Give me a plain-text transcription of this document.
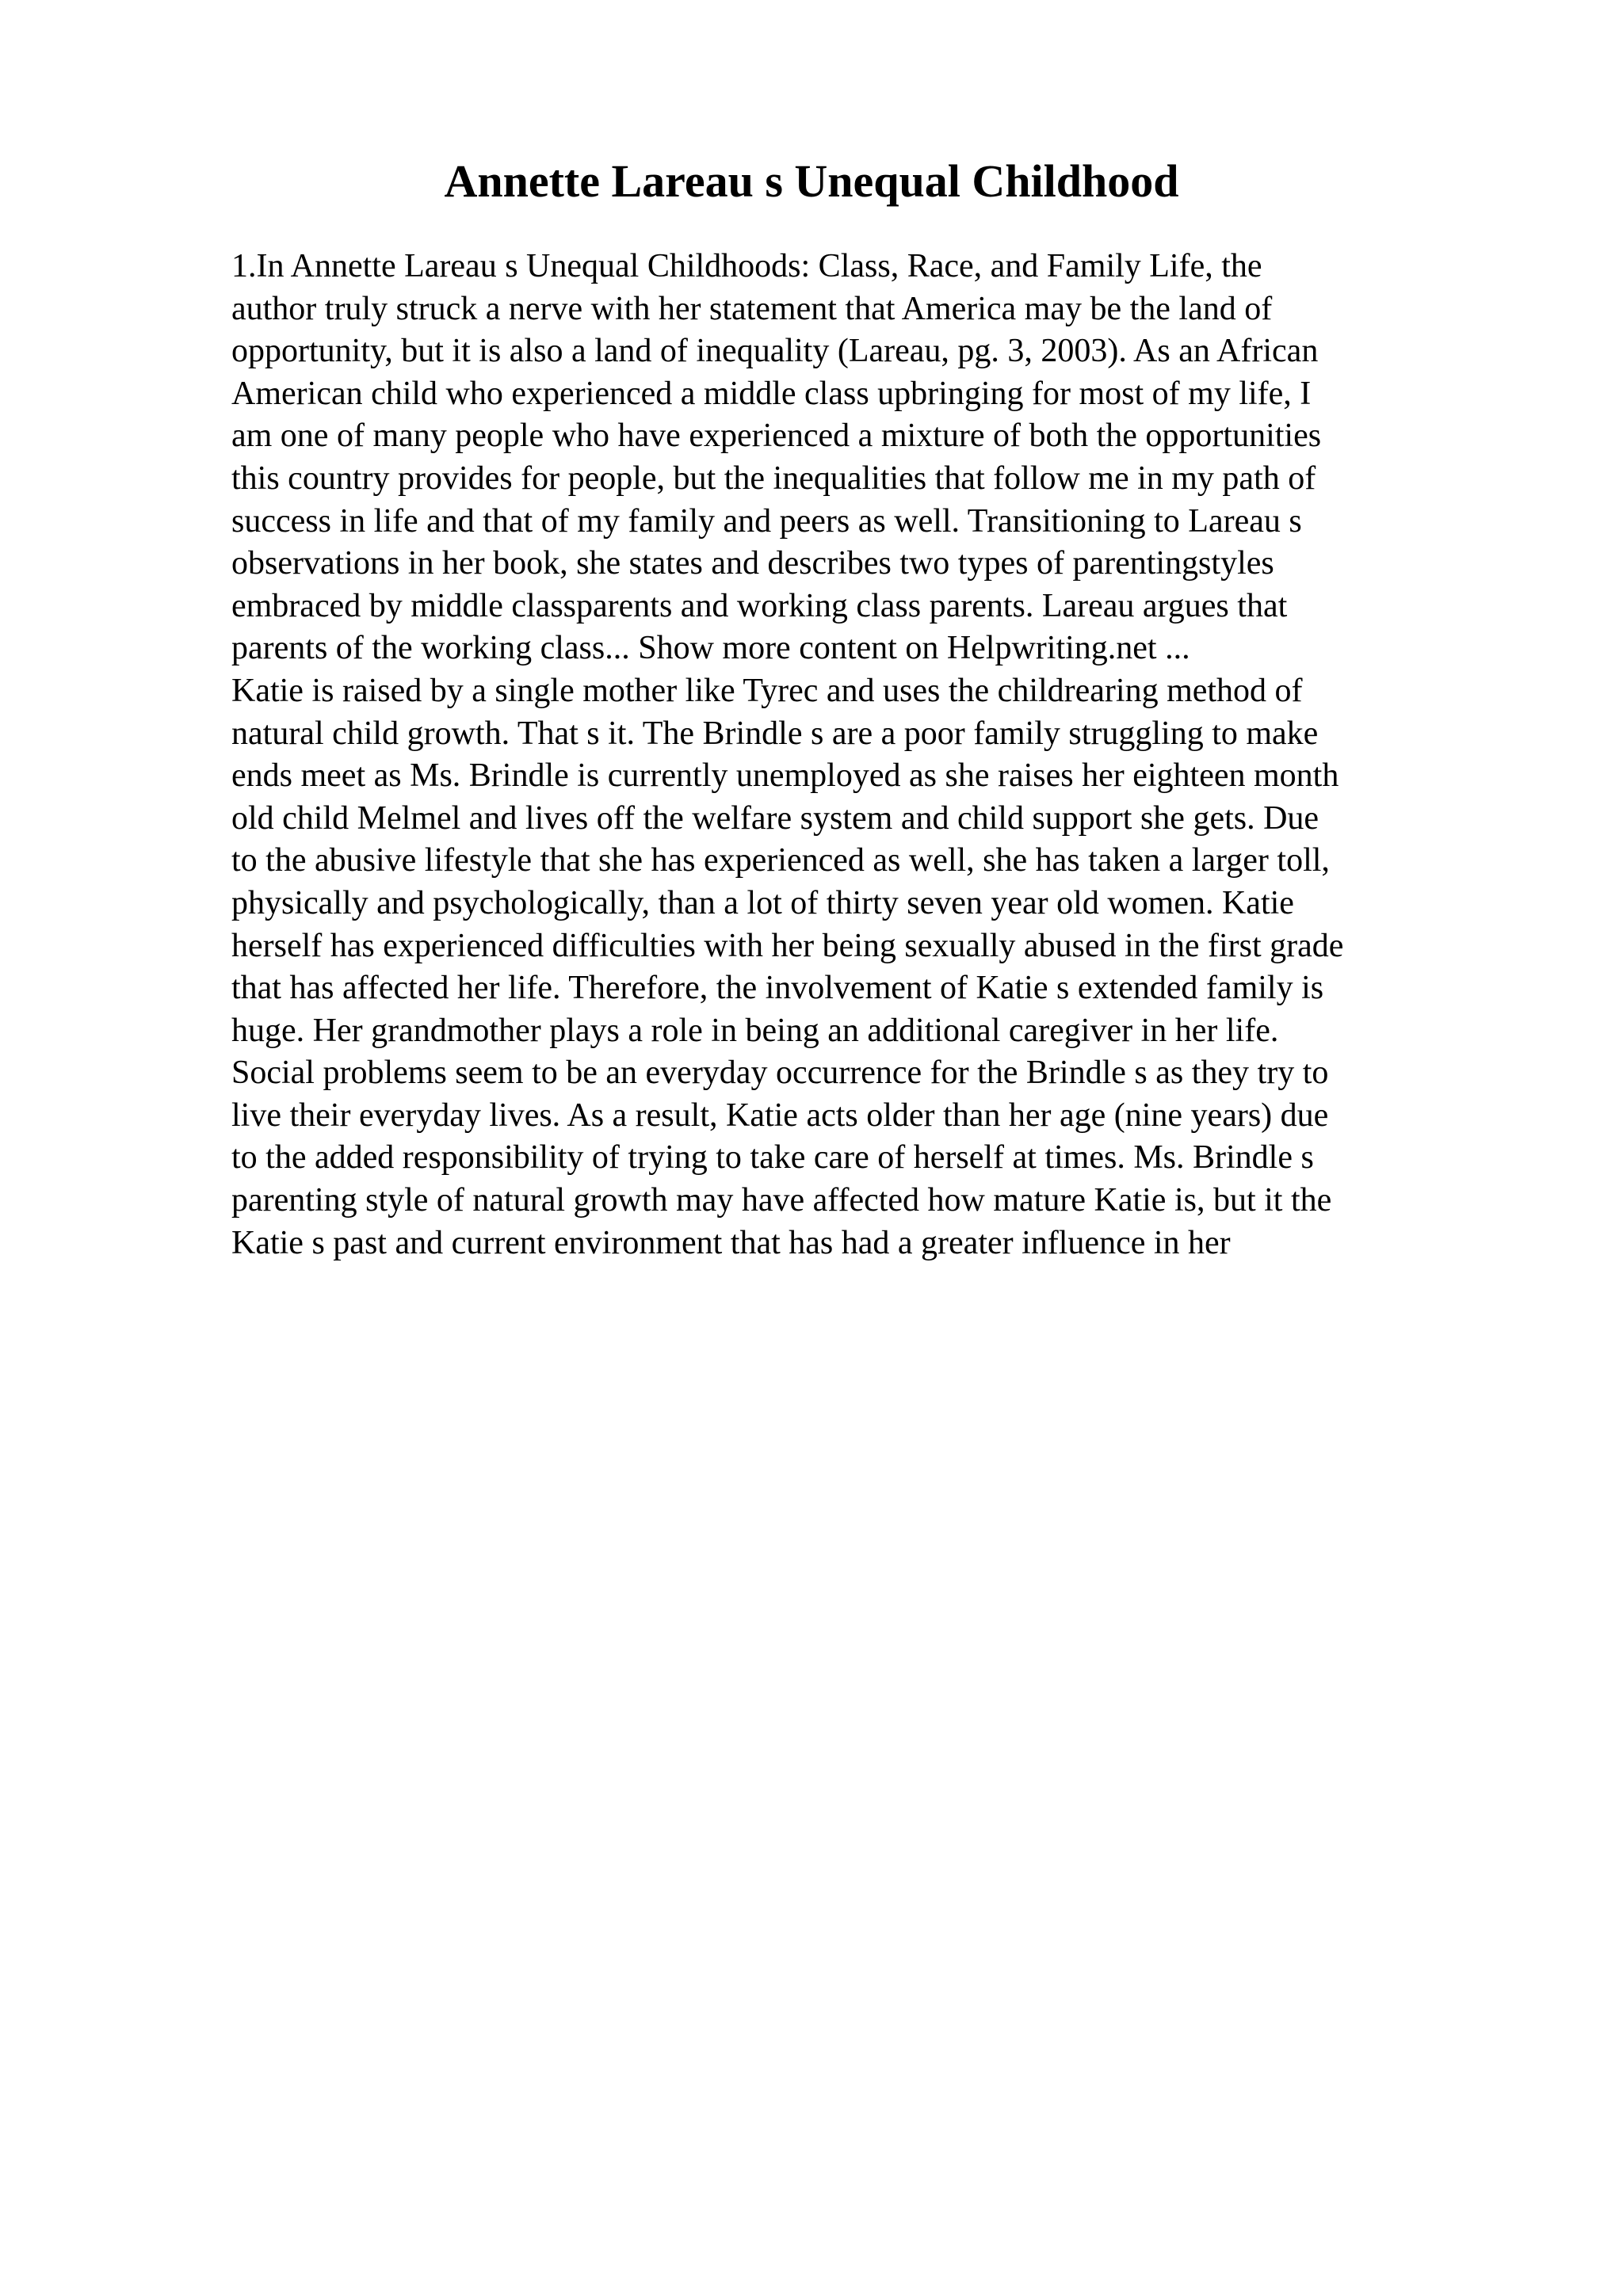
Annette Lareau s Unequal Childhood
1.In Annette Lareau s Unequal Childhoods: Class, Race, and Family Life, the
author truly struck a nerve with her statement that America may be the land of
opportunity, but it is also a land of inequality (Lareau, pg. 3, 2003). As an African
American child who experienced a middle class upbringing for most of my life, I
am one of many people who have experienced a mixture of both the opportunities
this country provides for people, but the inequalities that follow me in my path of
success in life and that of my family and peers as well. Transitioning to Lareau s
observations in her book, she states and describes two types of parentingstyles
embraced by middle classparents and working class parents. Lareau argues that
parents of the working class... Show more content on Helpwriting.net ...
Katie is raised by a single mother like Tyrec and uses the childrearing method of
natural child growth. That s it. The Brindle s are a poor family struggling to make
ends meet as Ms. Brindle is currently unemployed as she raises her eighteen month
old child Melmel and lives off the welfare system and child support she gets. Due
to the abusive lifestyle that she has experienced as well, she has taken a larger toll,
physically and psychologically, than a lot of thirty seven year old women. Katie
herself has experienced difficulties with her being sexually abused in the first grade
that has affected her life. Therefore, the involvement of Katie s extended family is
huge. Her grandmother plays a role in being an additional caregiver in her life.
Social problems seem to be an everyday occurrence for the Brindle s as they try to
live their everyday lives. As a result, Katie acts older than her age (nine years) due
to the added responsibility of trying to take care of herself at times. Ms. Brindle s
parenting style of natural growth may have affected how mature Katie is, but it the
Katie s past and current environment that has had a greater influence in her
